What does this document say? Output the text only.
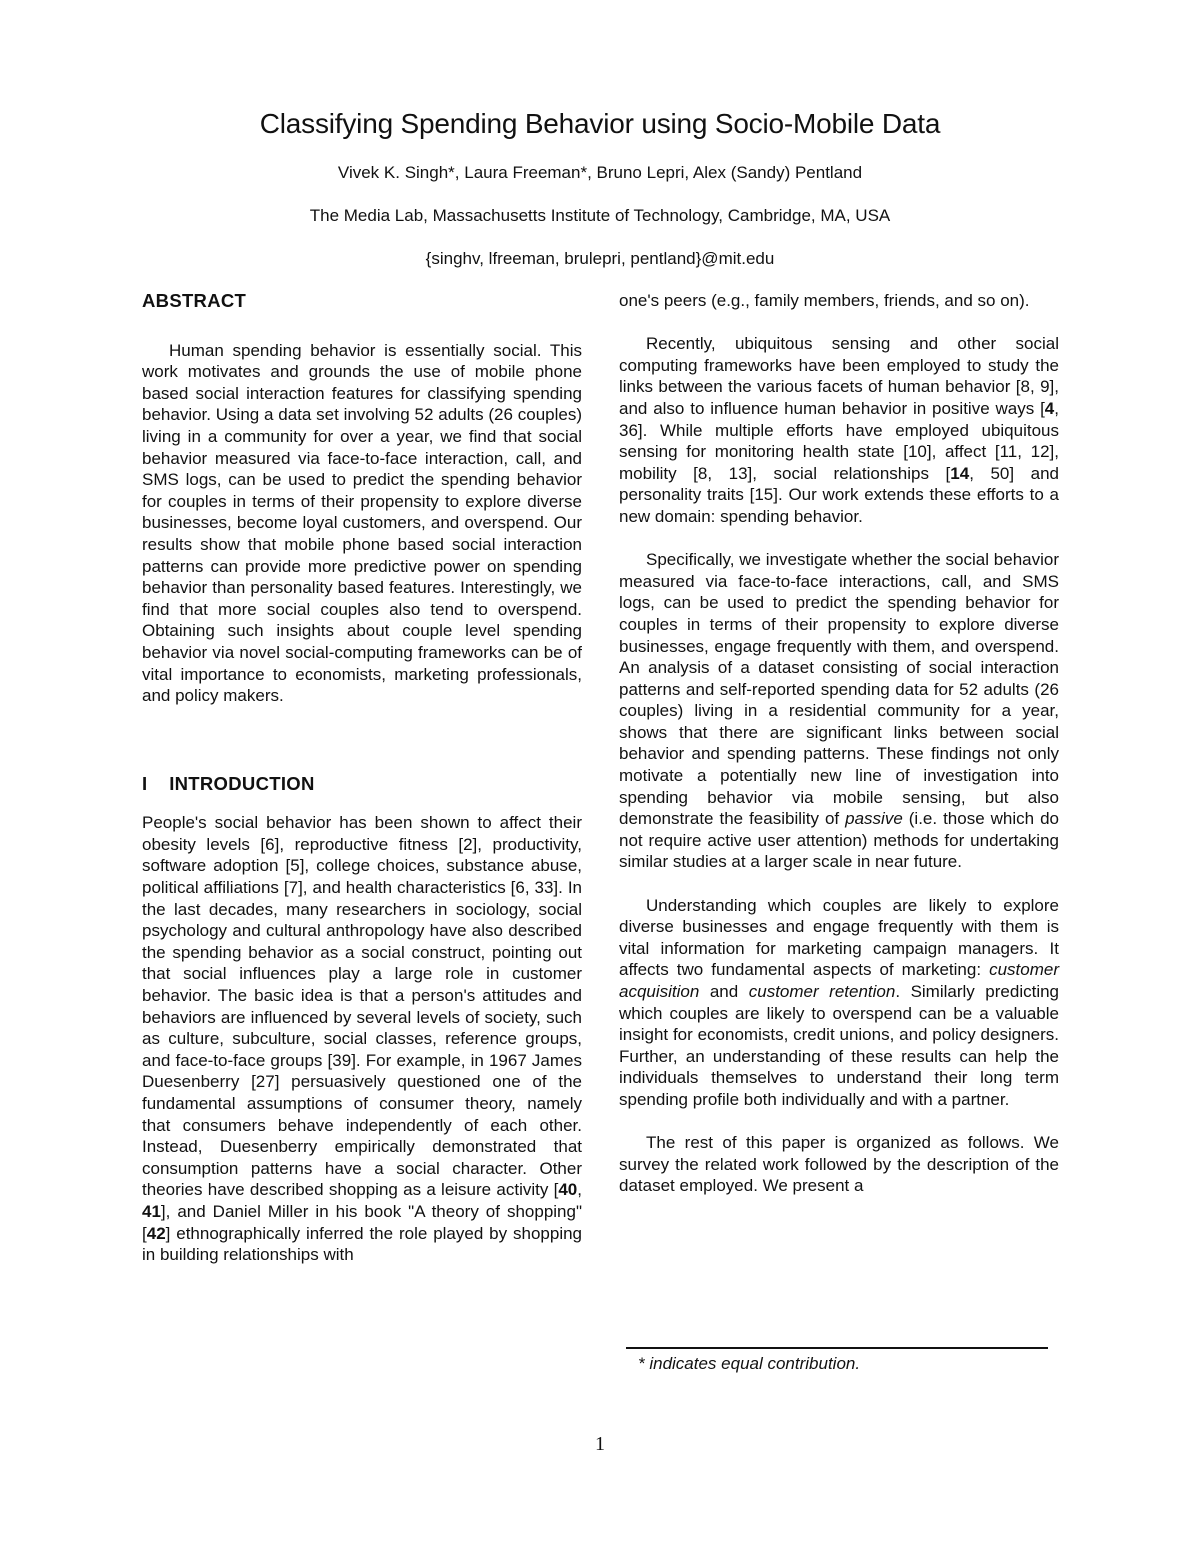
Classifying Spending Behavior using Socio-Mobile Data
Vivek K. Singh*, Laura Freeman*, Bruno Lepri, Alex (Sandy) Pentland
The Media Lab, Massachusetts Institute of Technology, Cambridge, MA, USA
{singhv, lfreeman, brulepri, pentland}@mit.edu
ABSTRACT

Human spending behavior is essentially social. This work motivates and grounds the use of mobile phone based social interaction features for classifying spending behavior. Using a data set involving 52 adults (26 couples) living in a community for over a year, we find that social behavior measured via face-to-face interaction, call, and SMS logs, can be used to predict the spending behavior for couples in terms of their propensity to explore diverse businesses, become loyal customers, and overspend. Our results show that mobile phone based social interaction patterns can provide more predictive power on spending behavior than personality based features. Interestingly, we find that more social couples also tend to overspend. Obtaining such insights about couple level spending behavior via novel social-computing frameworks can be of vital importance to economists, marketing professionals, and policy makers.

I    INTRODUCTION

People's social behavior has been shown to affect their obesity levels [6], reproductive fitness [2], productivity, software adoption [5], college choices, substance abuse, political affiliations [7], and health characteristics [6, 33]. In the last decades, many researchers in sociology, social psychology and cultural anthropology have also described the spending behavior as a social construct, pointing out that social influences play a large role in customer behavior. The basic idea is that a person's attitudes and behaviors are influenced by several levels of society, such as culture, subculture, social classes, reference groups, and face-to-face groups [39]. For example, in 1967 James Duesenberry [27] persuasively questioned one of the fundamental assumptions of consumer theory, namely that consumers behave independently of each other. Instead, Duesenberry empirically demonstrated that consumption patterns have a social character. Other theories have described shopping as a leisure activity [40, 41], and Daniel Miller in his book "A theory of shopping" [42] ethnographically inferred the role played by shopping in building relationships with

one's peers (e.g., family members, friends, and so on).

Recently, ubiquitous sensing and other social computing frameworks have been employed to study the links between the various facets of human behavior [8, 9], and also to influence human behavior in positive ways [4, 36]. While multiple efforts have employed ubiquitous sensing for monitoring health state [10], affect [11, 12], mobility [8, 13], social relationships [14, 50] and personality traits [15]. Our work extends these efforts to a new domain: spending behavior.

Specifically, we investigate whether the social behavior measured via face-to-face interactions, call, and SMS logs, can be used to predict the spending behavior for couples in terms of their propensity to explore diverse businesses, engage frequently with them, and overspend. An analysis of a dataset consisting of social interaction patterns and self-reported spending data for 52 adults (26 couples) living in a residential community for a year, shows that there are significant links between social behavior and spending patterns. These findings not only motivate a potentially new line of investigation into spending behavior via mobile sensing, but also demonstrate the feasibility of passive (i.e. those which do not require active user attention) methods for undertaking similar studies at a larger scale in near future.

Understanding which couples are likely to explore diverse businesses and engage frequently with them is vital information for marketing campaign managers. It affects two fundamental aspects of marketing: customer acquisition and customer retention. Similarly predicting which couples are likely to overspend can be a valuable insight for economists, credit unions, and policy designers. Further, an understanding of these results can help the individuals themselves to understand their long term spending profile both individually and with a partner.

The rest of this paper is organized as follows. We survey the related work followed by the description of the dataset employed. We present a

* indicates equal contribution.

1
